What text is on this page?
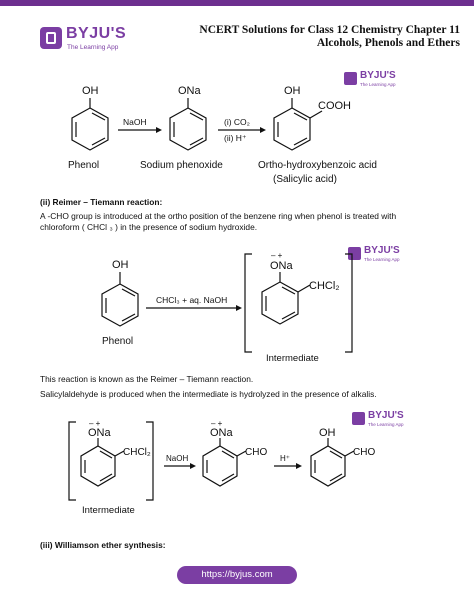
BYJU'S
The Learning App
NCERT Solutions for Class 12 Chemistry Chapter 11
Alcohols, Phenols and Ethers
BYJU'S
The Learning App
BYJU'S
The Learning App
BYJU'S
The Learning App
OH
Phenol
NaOH
ONa
Sodium phenoxide
(i) CO₂
(ii) H⁺
OH
COOH
Ortho-hydroxybenzoic acid
(Salicylic acid)
(ii) Reimer – Tiemann reaction:
A -CHO group is introduced at the ortho position of the benzene ring when phenol is treated with
chloroform ( CHCl ₃ ) in the presence of sodium hydroxide.
OH
Phenol
CHCl₃ + aq. NaOH
– +
ONa
CHCl₂
Intermediate
This reaction is known as the Reimer – Tiemann reaction.
Salicylaldehyde is produced when the intermediate is hydrolyzed in the presence of alkalis.
– +
ONa
CHCl₂
Intermediate
NaOH
– +
ONa
CHO
H⁺
OH
CHO
(iii) Williamson ether synthesis:
https://byjus.com
